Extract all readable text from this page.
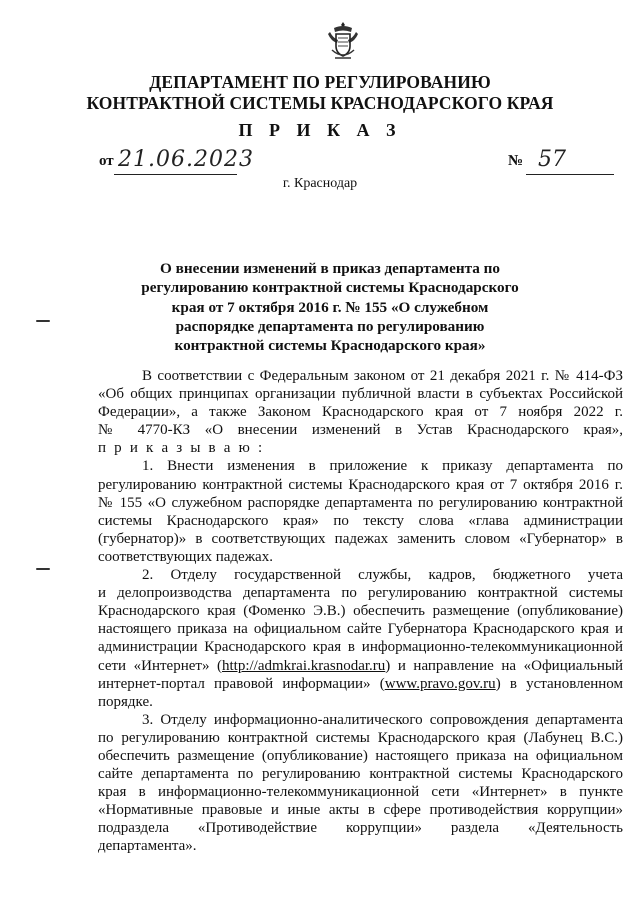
ДЕПАРТАМЕНТ ПО РЕГУЛИРОВАНИЮ
КОНТРАКТНОЙ СИСТЕМЫ КРАСНОДАРСКОГО КРАЯ
П Р И К А З
от 21.06.2023	№ 57
г. Краснодар
О внесении изменений в приказ департамента по
регулированию контрактной системы Краснодарского
края от 7 октября 2016 г. № 155 «О служебном
распорядке департамента по регулированию
контрактной системы Краснодарского края»
В соответствии с Федеральным законом от 21 декабря 2021 г. № 414-ФЗ
«Об общих принципах организации публичной власти в субъектах Российской
Федерации», а также Законом Краснодарского края от 7 ноября 2022 г.
№ 4770-КЗ «О внесении изменений в Устав Краснодарского края»,
п р и к а з ы в а ю :
1. Внести изменения в приложение к приказу департамента по
регулированию контрактной системы Краснодарского края от 7 октября 2016 г.
№ 155 «О служебном распорядке департамента по регулированию контрактной
системы Краснодарского края» по тексту слова «глава администрации
(губернатор)» в соответствующих падежах заменить словом «Губернатор» в
соответствующих падежах.
2. Отделу государственной службы, кадров, бюджетного учета
и делопроизводства департамента по регулированию контрактной системы
Краснодарского края (Фоменко Э.В.) обеспечить размещение (опубликование)
настоящего приказа на официальном сайте Губернатора Краснодарского края и
администрации Краснодарского края в информационно-телекоммуникационной
сети «Интернет» (http://admkrai.krasnodar.ru) и направление на «Официальный
интернет-портал правовой информации» (www.pravo.gov.ru) в установленном
порядке.
3. Отделу информационно-аналитического сопровождения департамента
по регулированию контрактной системы Краснодарского края (Лабунец В.С.)
обеспечить размещение (опубликование) настоящего приказа на официальном
сайте департамента по регулированию контрактной системы Краснодарского
края в информационно-телекоммуникационной сети «Интернет» в пункте
«Нормативные правовые и иные акты в сфере противодействия коррупции»
подраздела «Противодействие коррупции» раздела «Деятельность
департамента».
